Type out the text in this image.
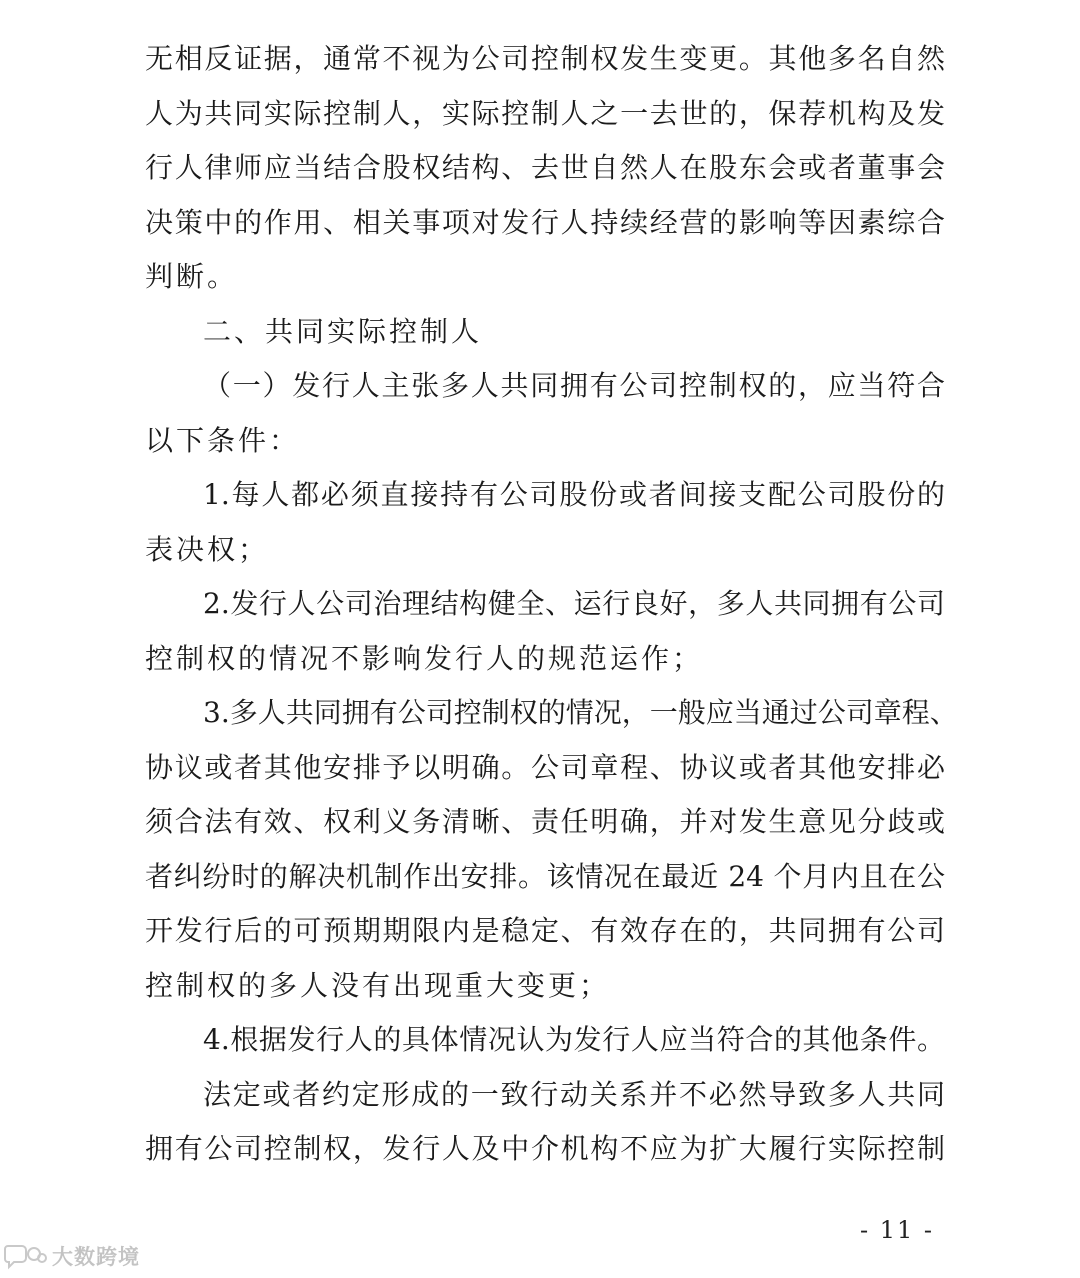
无相反证据，通常不视为公司控制权发生变更。其他多名自然
人为共同实际控制人，实际控制人之一去世的，保荐机构及发
行人律师应当结合股权结构、去世自然人在股东会或者董事会
决策中的作用、相关事项对发行人持续经营的影响等因素综合
判断。
二、共同实际控制人
（一）发行人主张多人共同拥有公司控制权的，应当符合
以下条件：
1.每人都必须直接持有公司股份或者间接支配公司股份的
表决权；
2.发行人公司治理结构健全、运行良好，多人共同拥有公司
控制权的情况不影响发行人的规范运作；
3.多人共同拥有公司控制权的情况，一般应当通过公司章程、
协议或者其他安排予以明确。公司章程、协议或者其他安排必
须合法有效、权利义务清晰、责任明确，并对发生意见分歧或
者纠纷时的解决机制作出安排。该情况在最近 24 个月内且在公
开发行后的可预期期限内是稳定、有效存在的，共同拥有公司
控制权的多人没有出现重大变更；
4.根据发行人的具体情况认为发行人应当符合的其他条件。
法定或者约定形成的一致行动关系并不必然导致多人共同
拥有公司控制权，发行人及中介机构不应为扩大履行实际控制
- 11 -
大数跨境
